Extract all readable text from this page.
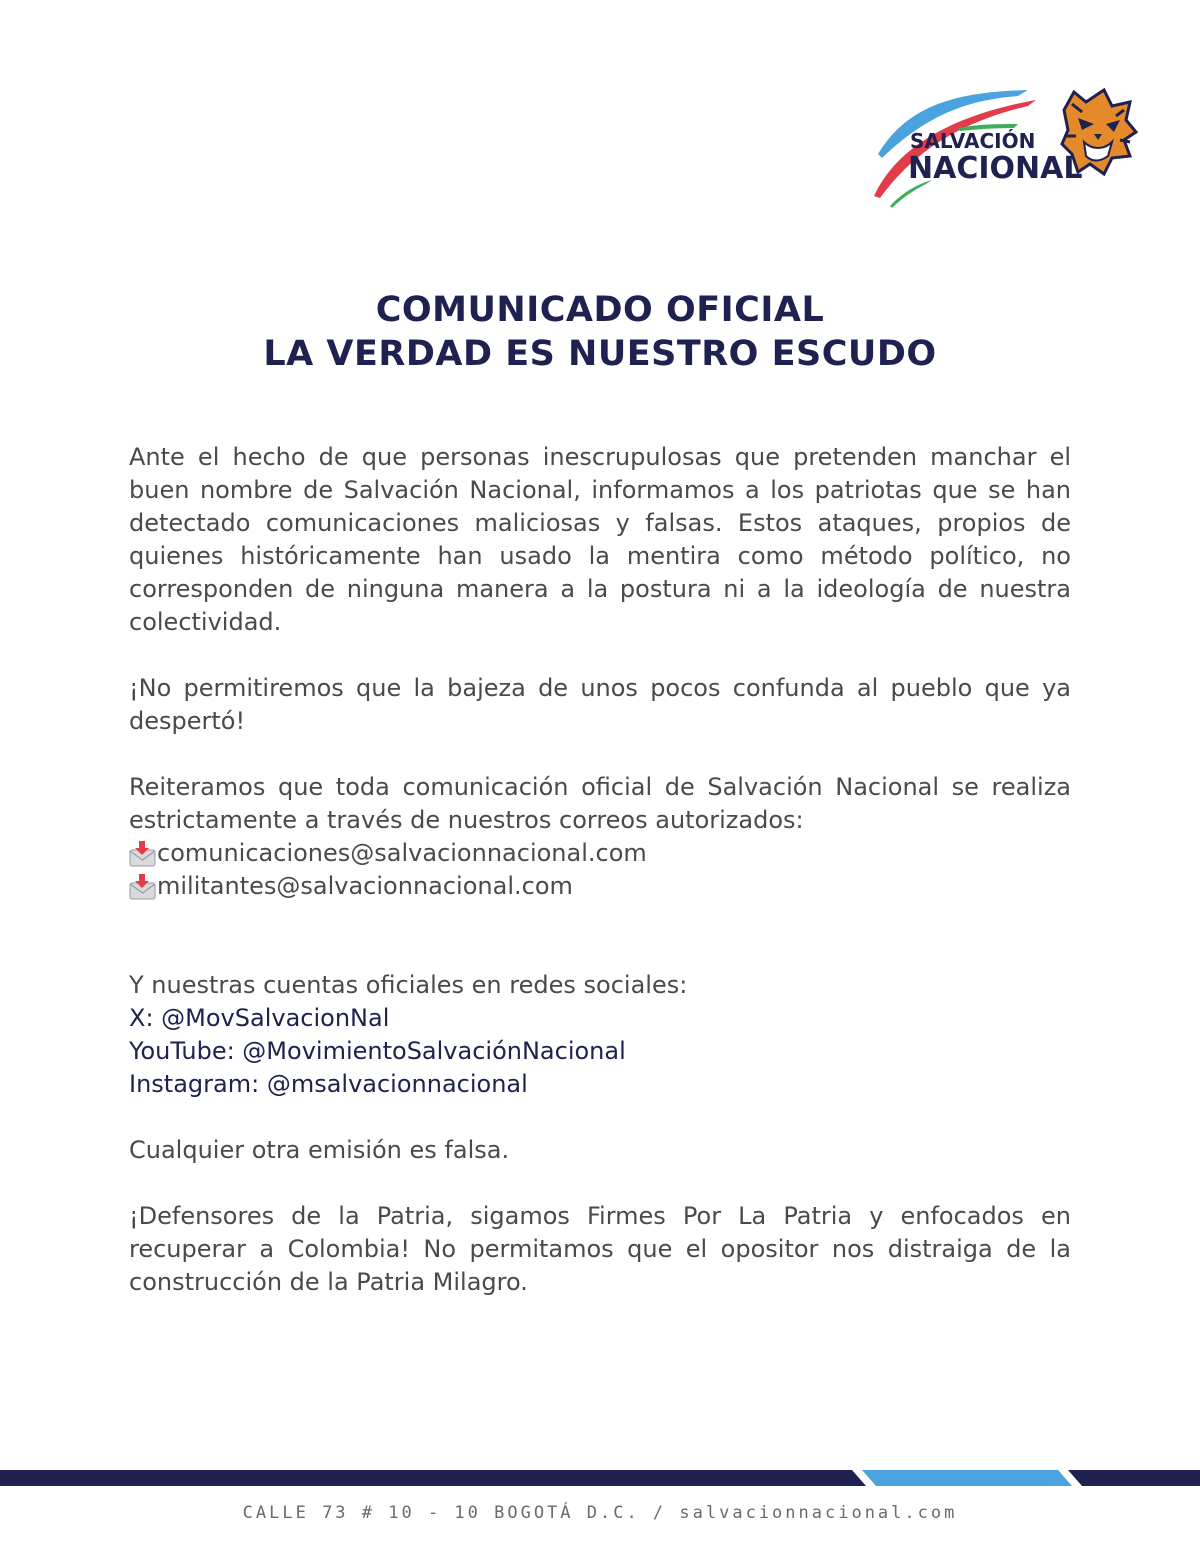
SALVACIÓN
NACIONAL
COMUNICADO OFICIAL
LA VERDAD ES NUESTRO ESCUDO

Ante el hecho de que personas inescrupulosas que pretenden manchar el buen nombre de Salvación Nacional, informamos a los patriotas que se han detectado comunicaciones maliciosas y falsas. Estos ataques, propios de quienes históricamente han usado la mentira como método político, no corresponden de ninguna manera a la postura ni a la ideología de nuestra colectividad.

¡No permitiremos que la bajeza de unos pocos confunda al pueblo que ya despertó!

Reiteramos que toda comunicación oficial de Salvación Nacional se realiza estrictamente a través de nuestros correos autorizados:

comunicaciones@salvacionnacional.com
militantes@salvacionnacional.com
Y nuestras cuentas oficiales en redes sociales:
X: @MovSalvacionNal
YouTube: @MovimientoSalvaciónNacional
Instagram: @msalvacionnacional

Cualquier otra emisión es falsa.

¡Defensores de la Patria, sigamos Firmes Por La Patria y enfocados en recuperar a Colombia! No permitamos que el opositor nos distraiga de la construcción de la Patria Milagro.

CALLE 73 # 10 - 10 BOGOTÁ D.C. / salvacionnacional.com
